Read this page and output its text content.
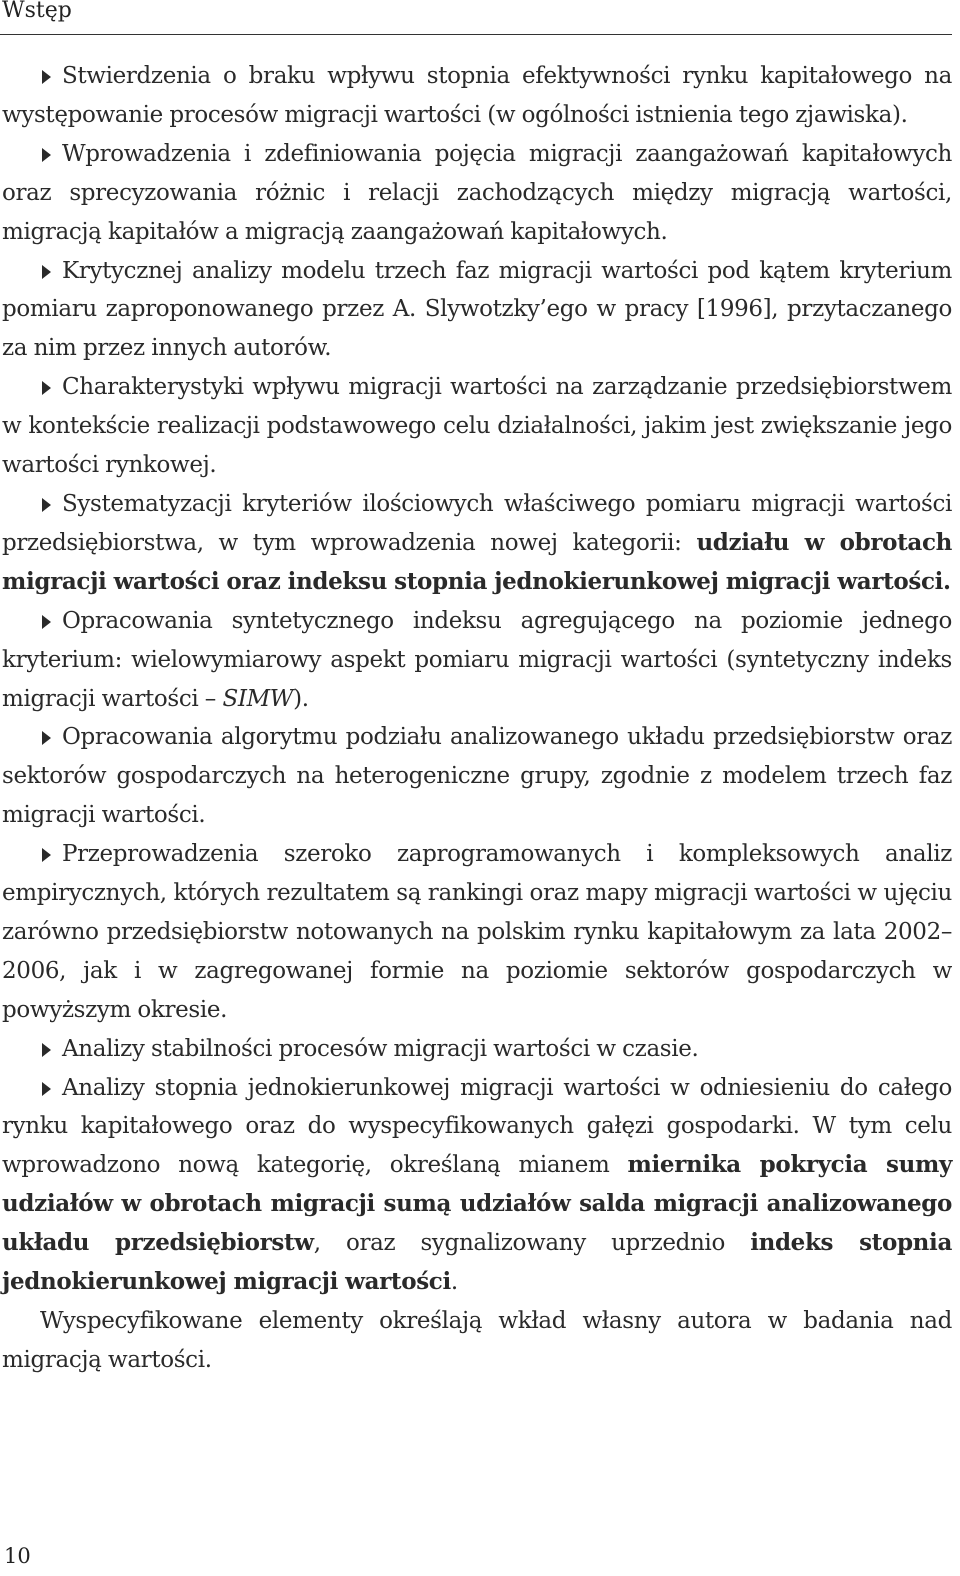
Wstęp

Stwierdzenia o braku wpływu stopnia efektywności rynku kapitałowego na występowanie procesów migracji wartości (w ogólności istnienia tego zjawiska).

Wprowadzenia i zdefiniowania pojęcia migracji zaangażowań kapitałowych oraz sprecyzowania różnic i relacji zachodzących między migracją wartości, migracją kapitałów a migracją zaangażowań kapitałowych.

Krytycznej analizy modelu trzech faz migracji wartości pod kątem kryterium pomiaru zaproponowanego przez A. Slywotzky’ego w pracy [1996], przytaczanego za nim przez innych autorów.

Charakterystyki wpływu migracji wartości na zarządzanie przedsiębiorstwem w kontekście realizacji podstawowego celu działalności, jakim jest zwiększanie jego wartości rynkowej.

Systematyzacji kryteriów ilościowych właściwego pomiaru migracji wartości przedsiębiorstwa, w tym wprowadzenia nowej kategorii: udziału w obrotach migracji wartości oraz indeksu stopnia jednokierunkowej migracji wartości.

Opracowania syntetycznego indeksu agregującego na poziomie jednego kryterium: wielowymiarowy aspekt pomiaru migracji wartości (syntetyczny indeks migracji wartości – SIMW).

Opracowania algorytmu podziału analizowanego układu przedsiębiorstw oraz sektorów gospodarczych na heterogeniczne grupy, zgodnie z modelem trzech faz migracji wartości.

Przeprowadzenia szeroko zaprogramowanych i kompleksowych analiz empirycznych, których rezultatem są rankingi oraz mapy migracji wartości w ujęciu zarówno przedsiębiorstw notowanych na polskim rynku kapitałowym za lata 2002–2006, jak i w zagregowanej formie na poziomie sektorów gospodarczych w powyższym okresie.

Analizy stabilności procesów migracji wartości w czasie.

Analizy stopnia jednokierunkowej migracji wartości w odniesieniu do całego rynku kapitałowego oraz do wyspecyfikowanych gałęzi gospodarki. W tym celu wprowadzono nową kategorię, określaną mianem miernika pokrycia sumy udziałów w obrotach migracji sumą udziałów salda migracji analizowanego układu przedsiębiorstw, oraz sygnalizowany uprzednio indeks stopnia jednokierunkowej migracji wartości.

Wyspecyfikowane elementy określają wkład własny autora w badania nad migracją wartości.

10
